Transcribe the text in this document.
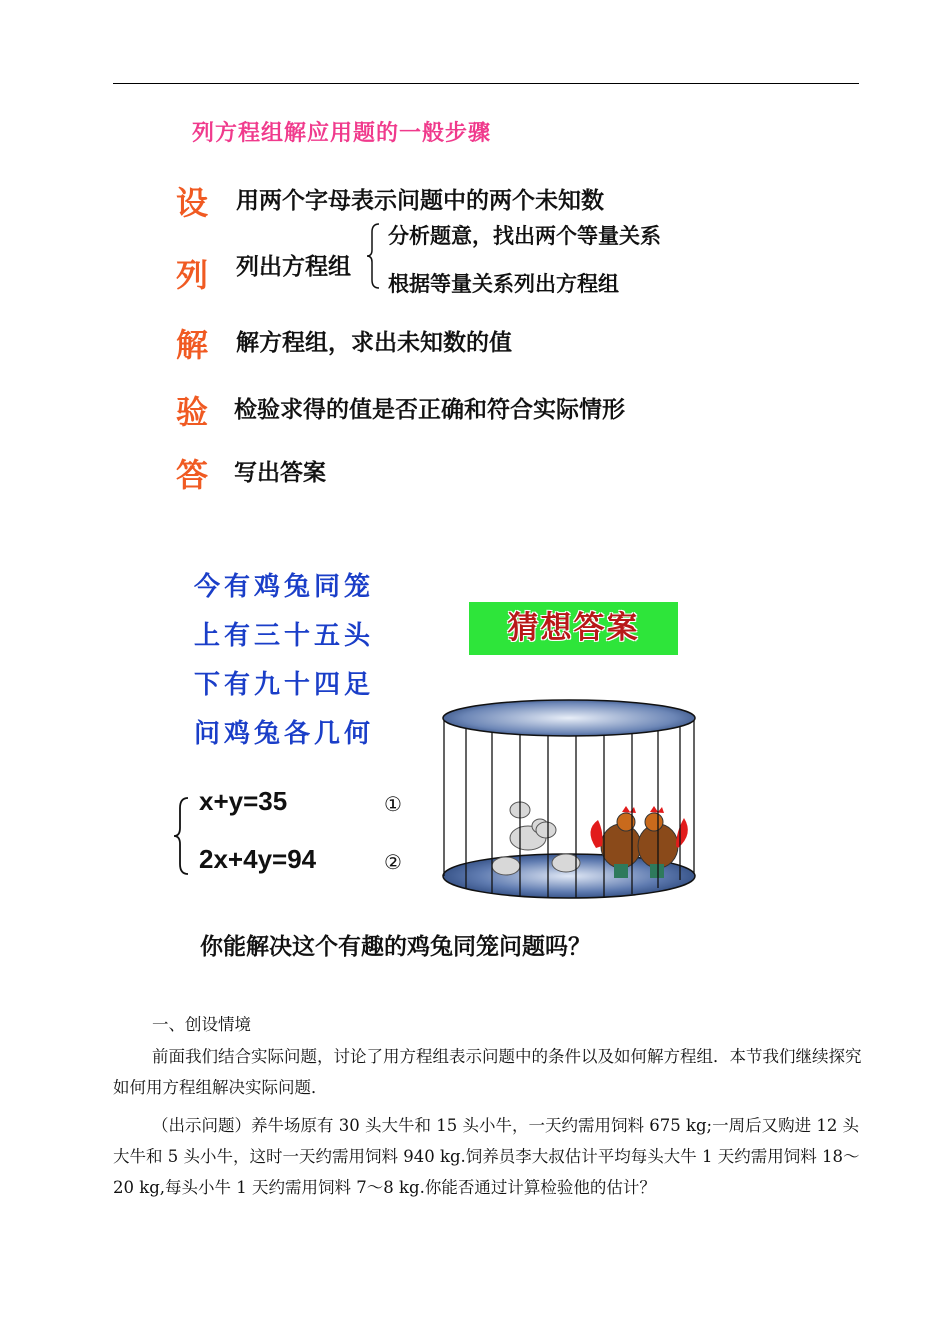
列方程组解应用题的一般步骤
设 用两个字母表示问题中的两个未知数
列 列出方程组
分析题意，找出两个等量关系
根据等量关系列出方程组
解 解方程组，求出未知数的值
验 检验求得的值是否正确和符合实际情形
答 写出答案
今有鸡兔同笼
上有三十五头
下有九十四足
问鸡兔各几何
猜想答案
x+y=35	①
2x+4y=94	②
你能解决这个有趣的鸡兔同笼问题吗？
一、创设情境
前面我们结合实际问题，讨论了用方程组表示问题中的条件以及如何解方程组．本节我们继续探究如何用方程组解决实际问题．
（出示问题）养牛场原有 30 头大牛和 15 头小牛，一天约需用饲料 675 kg;一周后又购进 12 头大牛和 5 头小牛，这时一天约需用饲料 940 kg.饲养员李大叔估计平均每头大牛 1 天约需用饲料 18～20 kg,每头小牛 1 天约需用饲料 7～8 kg.你能否通过计算检验他的估计？
